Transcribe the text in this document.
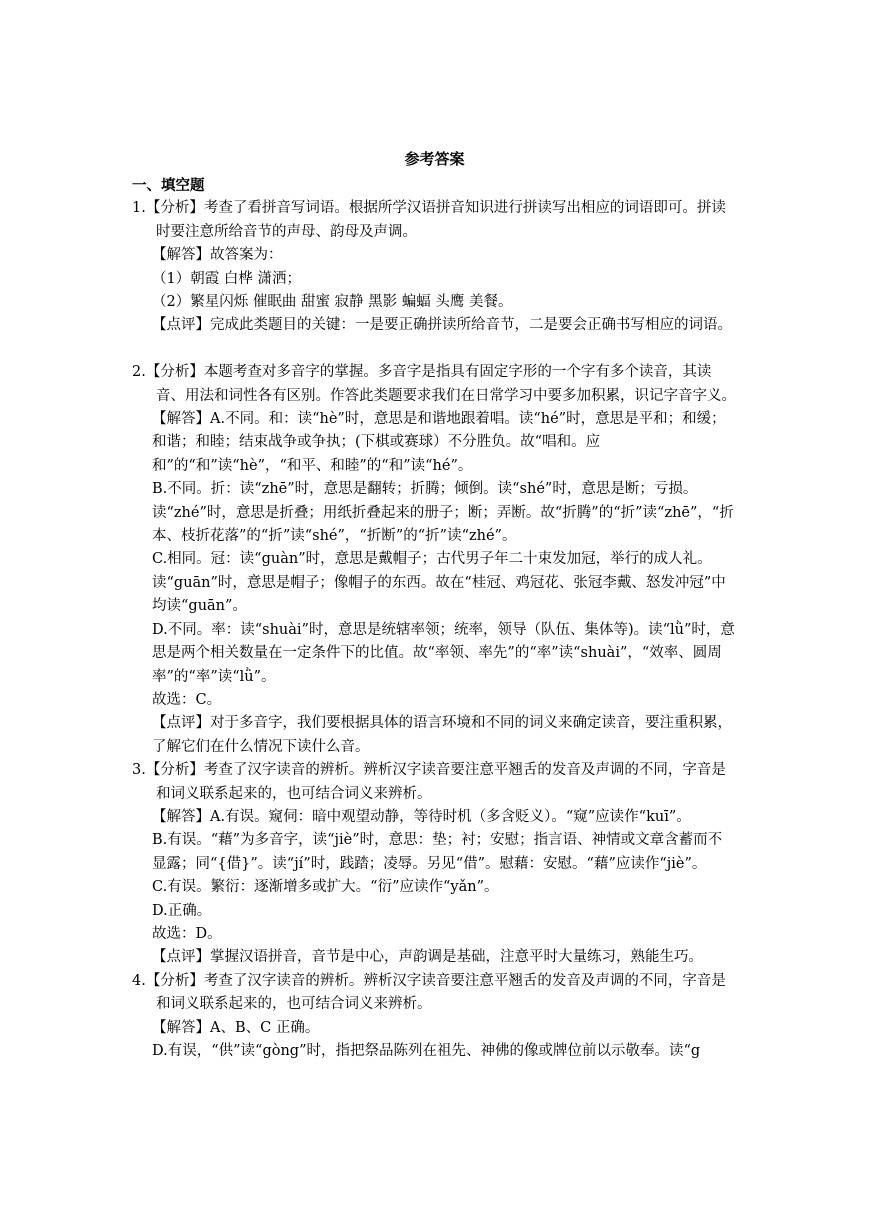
参考答案

一、填空题

1.【分析】考查了看拼音写词语。根据所学汉语拼音知识进行拼读写出相应的词语即可。拼读时要注意所给音节的声母、韵母及声调。

【解答】故答案为：

（1）朝霞 白桦 潇洒；

（2）繁星闪烁 催眠曲 甜蜜 寂静 黑影 蝙蝠 头鹰 美餐。

【点评】完成此类题目的关键：一是要正确拼读所给音节，二是要会正确书写相应的词语。

2.【分析】本题考查对多音字的掌握。多音字是指具有固定字形的一个字有多个读音，其读音、用法和词性各有区别。作答此类题要求我们在日常学习中要多加积累，识记字音字义。

【解答】A.不同。和：读“hè”时，意思是和谐地跟着唱。读“hé”时，意思是平和；和缓；和谐；和睦；结束战争或争执；(下棋或赛球）不分胜负。故“唱和。应和”的“和”读“hè”，“和平、和睦”的“和”读“hé”。

B.不同。折：读“zhē”时，意思是翻转；折腾；倾倒。读“shé”时，意思是断；亏损。读“zhé”时，意思是折叠；用纸折叠起来的册子；断；弄断。故“折腾”的“折”读“zhē”，“折本、枝折花落”的“折”读“shé”，“折断”的“折”读“zhé”。

C.相同。冠：读“guàn”时，意思是戴帽子；古代男子年二十束发加冠，举行的成人礼。读“guān”时，意思是帽子；像帽子的东西。故在“桂冠、鸡冠花、张冠李戴、怒发冲冠”中均读“guān”。

D.不同。率：读“shuài”时，意思是统辖率领；统率，领导（队伍、集体等)。读“lǜ”时，意思是两个相关数量在一定条件下的比值。故“率领、率先”的“率”读“shuài”，“效率、圆周率”的“率”读“lǜ”。

故选：C。

【点评】对于多音字，我们要根据具体的语言环境和不同的词义来确定读音，要注重积累，了解它们在什么情况下读什么音。

3.【分析】考查了汉字读音的辨析。辨析汉字读音要注意平翘舌的发音及声调的不同，字音是和词义联系起来的，也可结合词义来辨析。

【解答】A.有误。窥伺：暗中观望动静，等待时机（多含贬义）。“窥”应读作“kuī”。

B.有误。“藉”为多音字，读“jiè”时，意思：垫；衬；安慰；指言语、神情或文章含蓄而不显露；同“{借}”。读“jí”时，践踏；凌辱。另见“借”。慰藉：安慰。“藉”应读作“jiè”。

C.有误。繁衍：逐渐增多或扩大。“衍”应读作“yǎn”。

D.正确。

故选：D。

【点评】掌握汉语拼音，音节是中心，声韵调是基础，注意平时大量练习，熟能生巧。

4.【分析】考查了汉字读音的辨析。辨析汉字读音要注意平翘舌的发音及声调的不同，字音是和词义联系起来的，也可结合词义来辨析。

【解答】A、B、C 正确。

D.有误，“供”读“gòng”时，指把祭品陈列在祖先、神佛的像或牌位前以示敬奉。读“g
